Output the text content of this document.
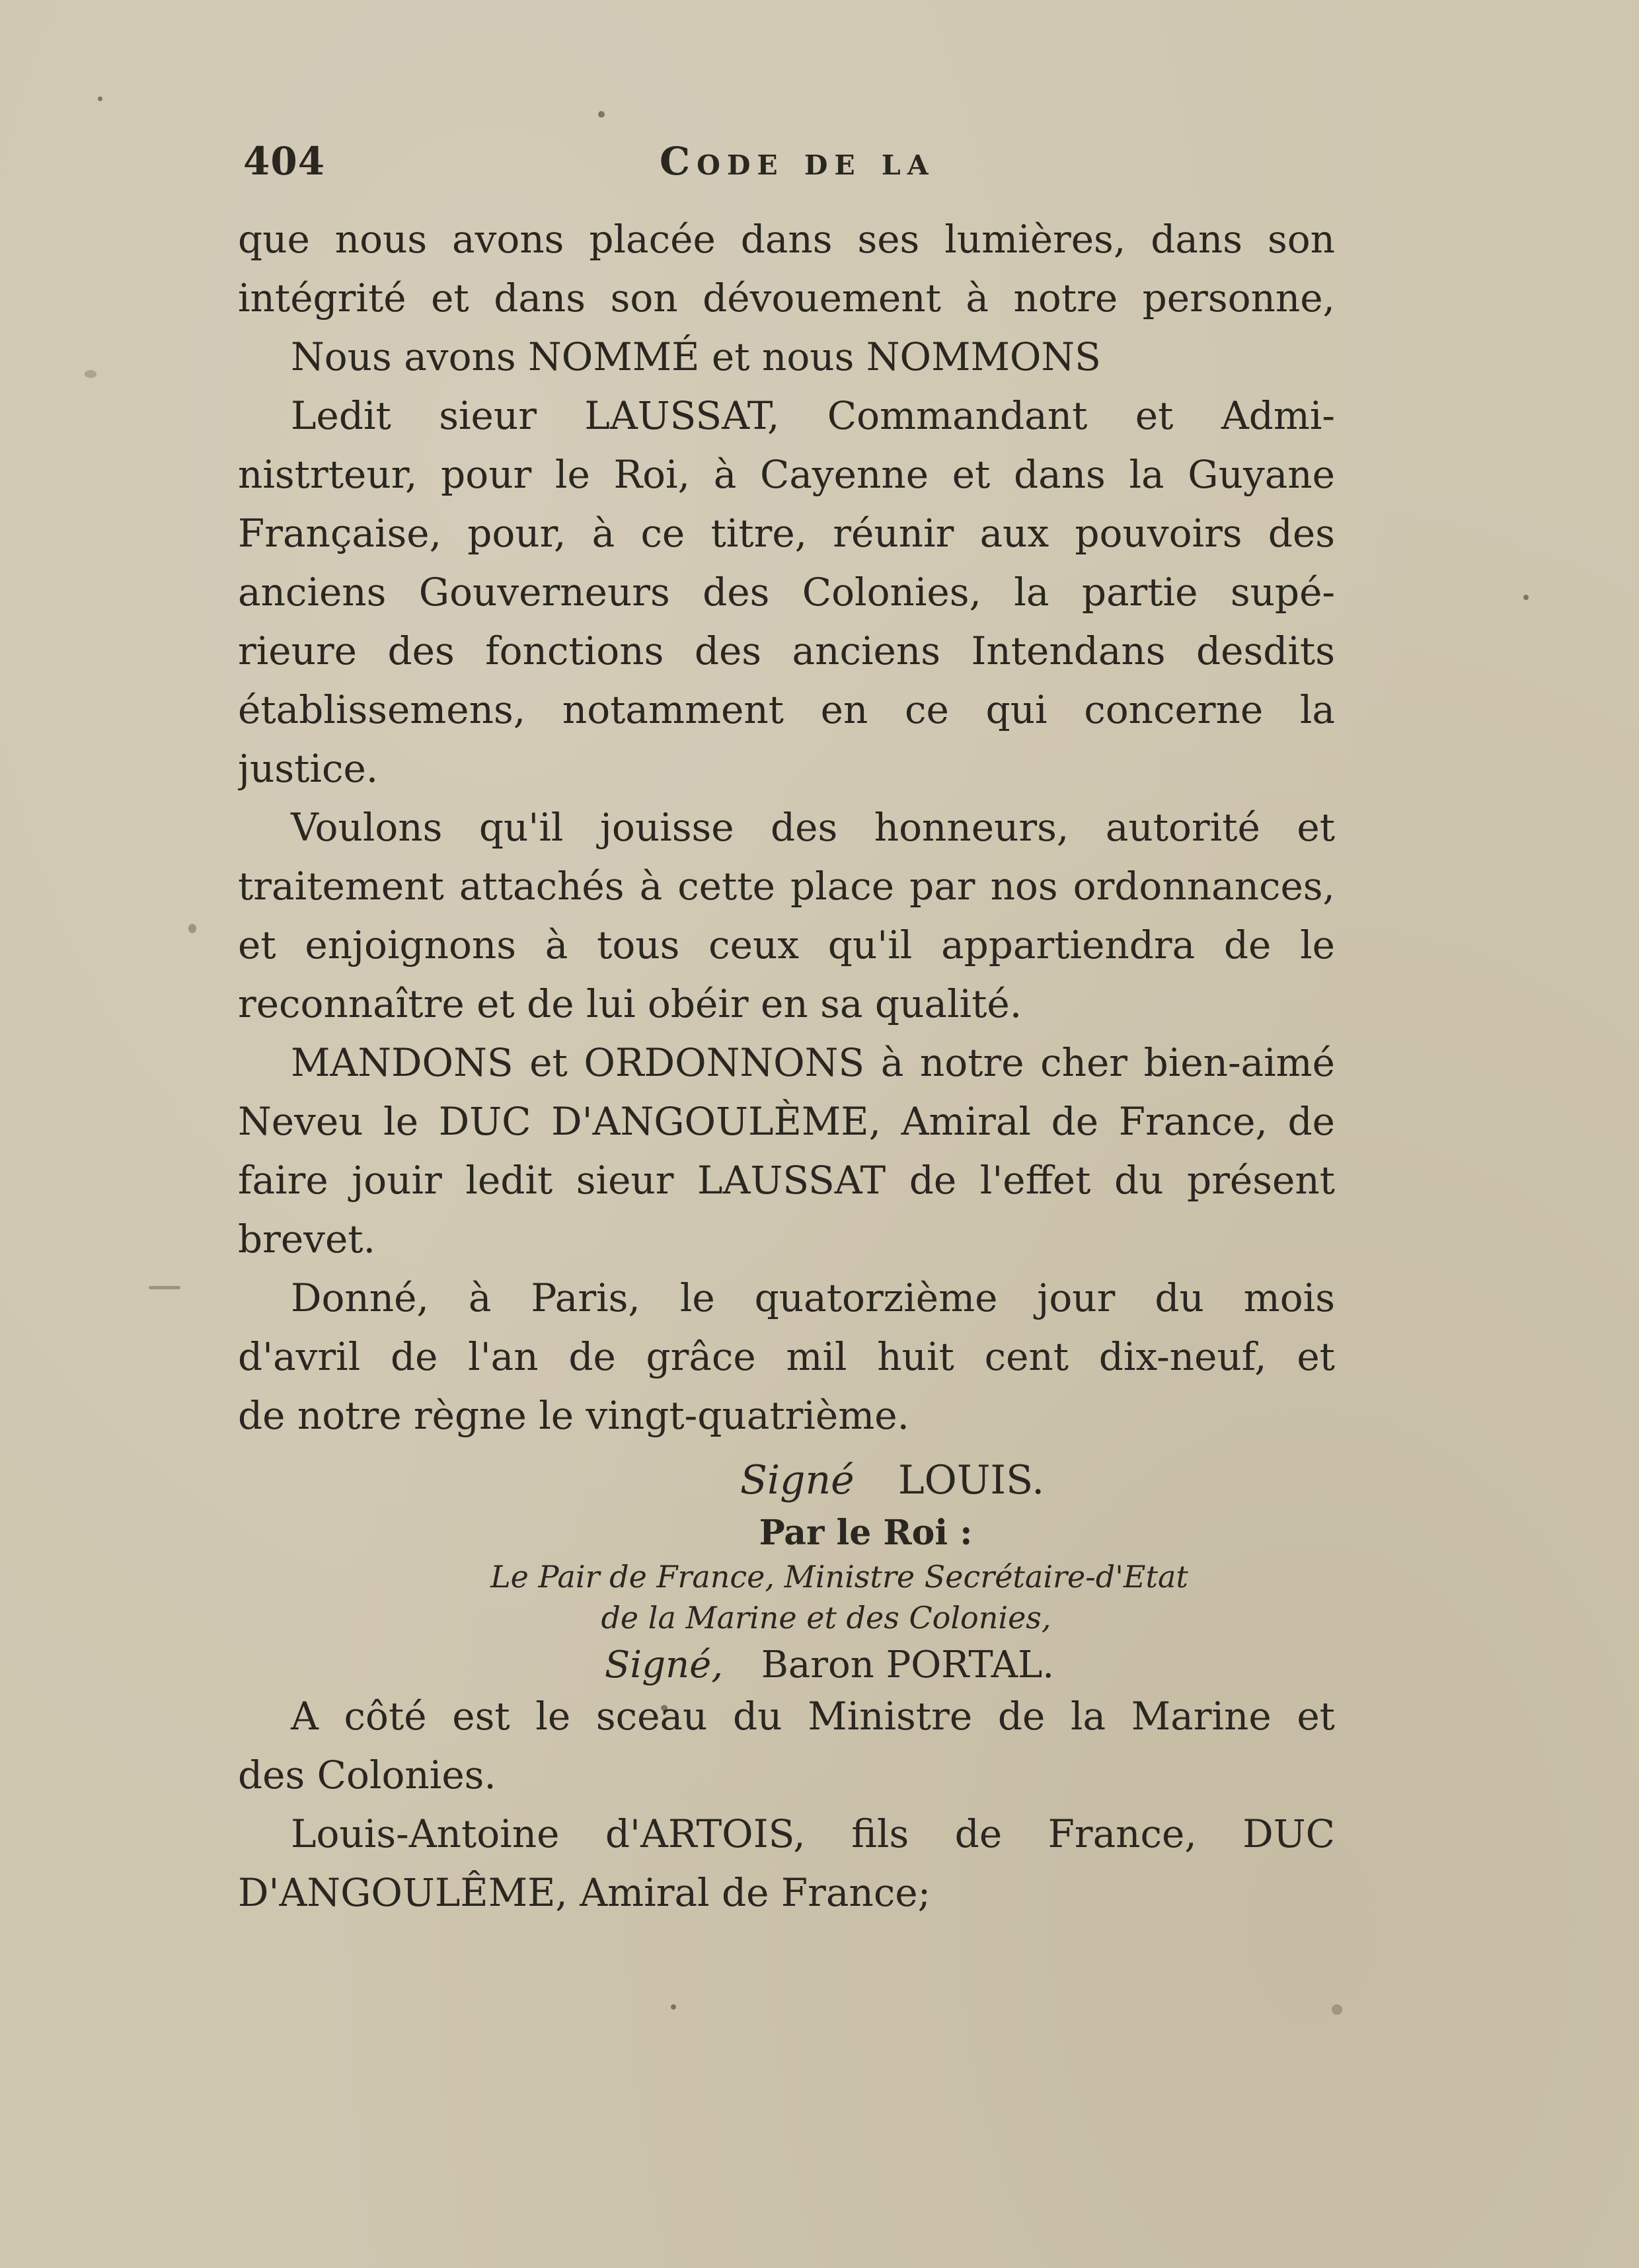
404	Code de la
que nous avons placée dans ses lumières, dans son
intégrité et dans son dévouement à notre personne,
Nous avons NOMMÉ et nous NOMMONS
Ledit sieur LAUSSAT, Commandant et Admi-
nistrteur, pour le Roi, à Cayenne et dans la Guyane
Française, pour, à ce titre, réunir aux pouvoirs des
anciens Gouverneurs des Colonies, la partie supé-
rieure des fonctions des anciens Intendans desdits
établissemens, notamment en ce qui concerne la
justice.
Voulons qu'il jouisse des honneurs, autorité et
traitement attachés à cette place par nos ordonnances,
et enjoignons à tous ceux qu'il appartiendra de le
reconnaître et de lui obéir en sa qualité.
MANDONS et ORDONNONS à notre cher bien-aimé
Neveu le DUC D'ANGOULÈME, Amiral de France, de
faire jouir ledit sieur LAUSSAT de l'effet du présent
brevet.
Donné, à Paris, le quatorzième jour du mois
d'avril de l'an de grâce mil huit cent dix-neuf, et
de notre règne le vingt-quatrième.
Signé LOUIS.
Par le Roi :
Le Pair de France, Ministre Secrétaire-d'Etat
de la Marine et des Colonies,
Signé, Baron PORTAL.
A côté est le sceau du Ministre de la Marine et
des Colonies.
Louis-Antoine d'ARTOIS, fils de France, DUC
D'ANGOULÊME, Amiral de France;
